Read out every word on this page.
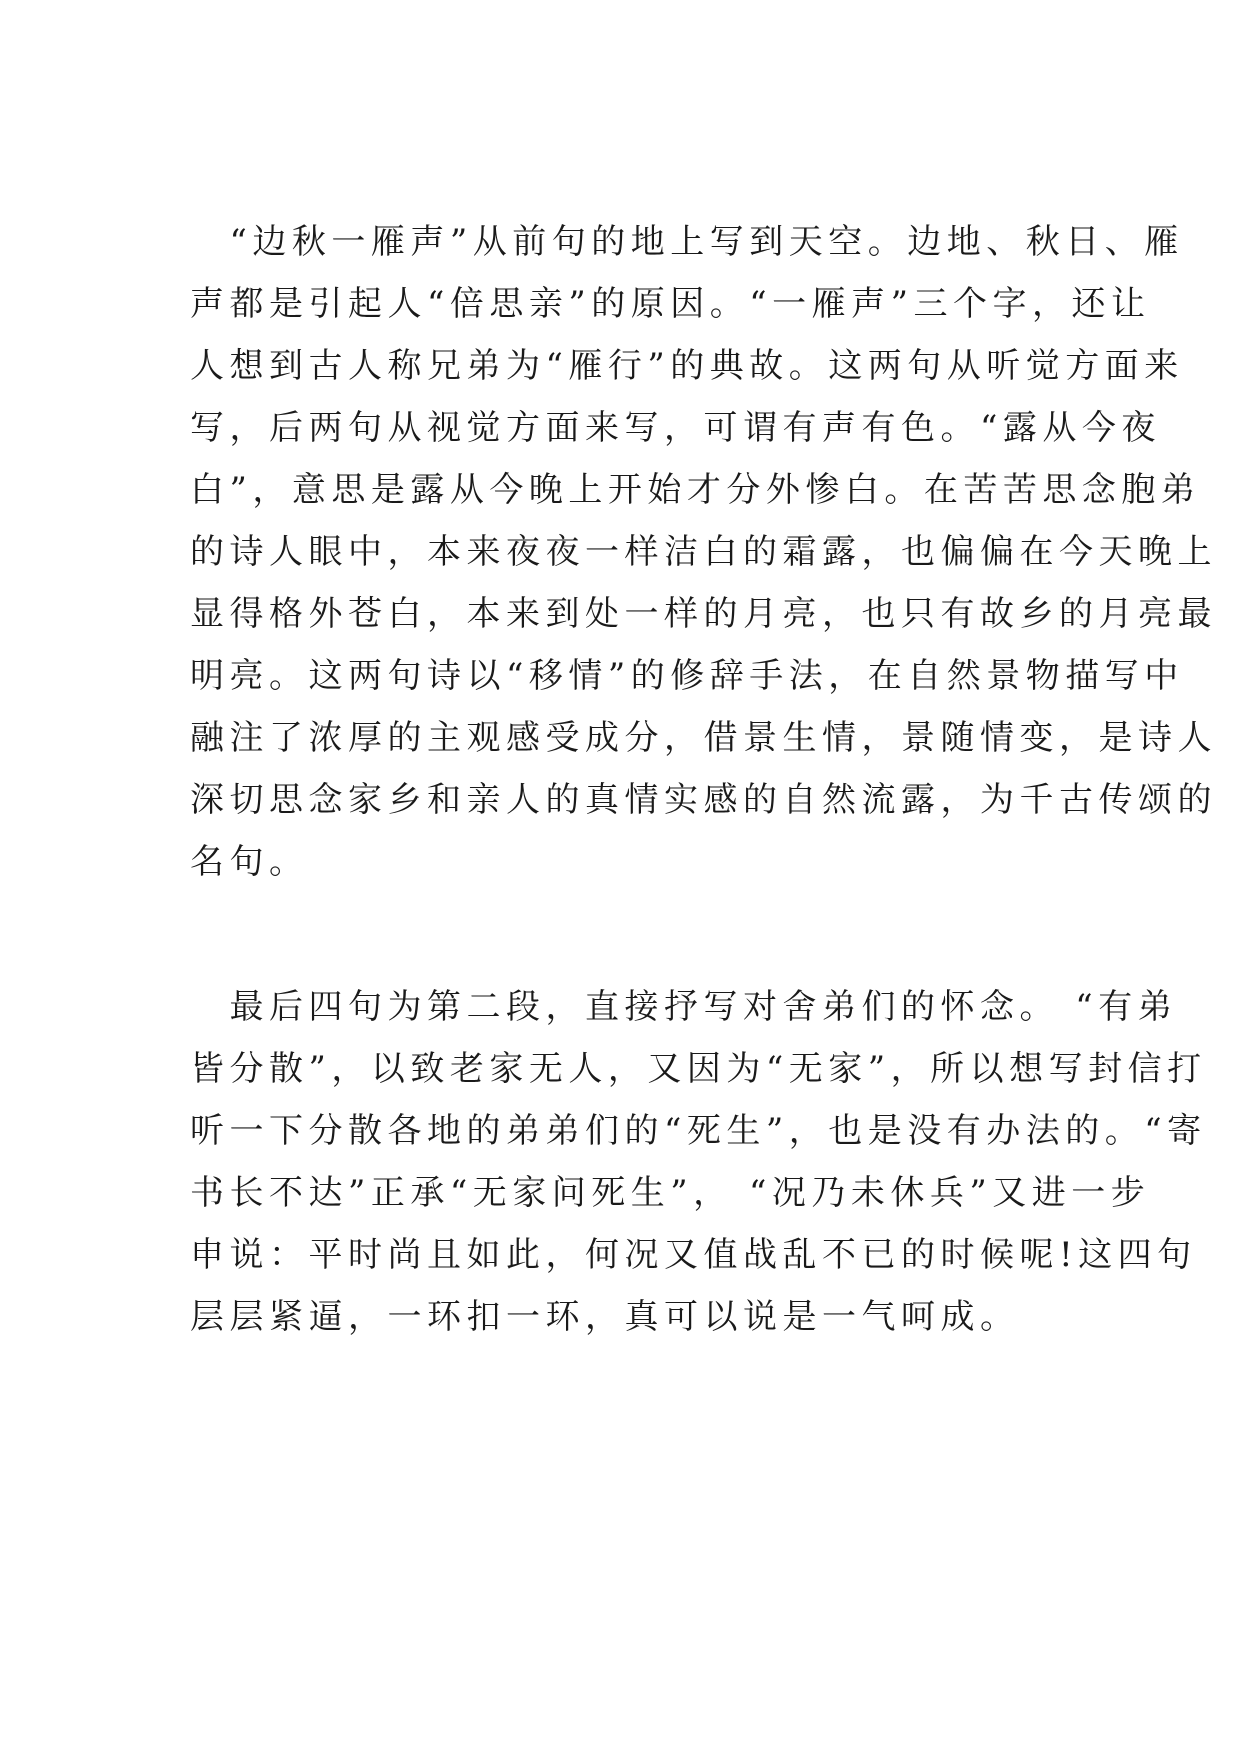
　“边秋一雁声”从前句的地上写到天空。边地、秋日、雁
声都是引起人“倍思亲”的原因。“一雁声”三个字，还让
人想到古人称兄弟为“雁行”的典故。这两句从听觉方面来
写，后两句从视觉方面来写，可谓有声有色。“露从今夜
白”，意思是露从今晚上开始才分外惨白。在苦苦思念胞弟
的诗人眼中，本来夜夜一样洁白的霜露，也偏偏在今天晚上
显得格外苍白，本来到处一样的月亮，也只有故乡的月亮最
明亮。这两句诗以“移情”的修辞手法，在自然景物描写中
融注了浓厚的主观感受成分，借景生情，景随情变，是诗人
深切思念家乡和亲人的真情实感的自然流露，为千古传颂的
名句。
　最后四句为第二段，直接抒写对舍弟们的怀念。 “有弟
皆分散”，以致老家无人，又因为“无家”，所以想写封信打
听一下分散各地的弟弟们的“死生”，也是没有办法的。“寄
书长不达”正承“无家问死生”， “况乃未休兵”又进一步
申说：平时尚且如此，何况又值战乱不已的时候呢!这四句
层层紧逼，一环扣一环，真可以说是一气呵成。
